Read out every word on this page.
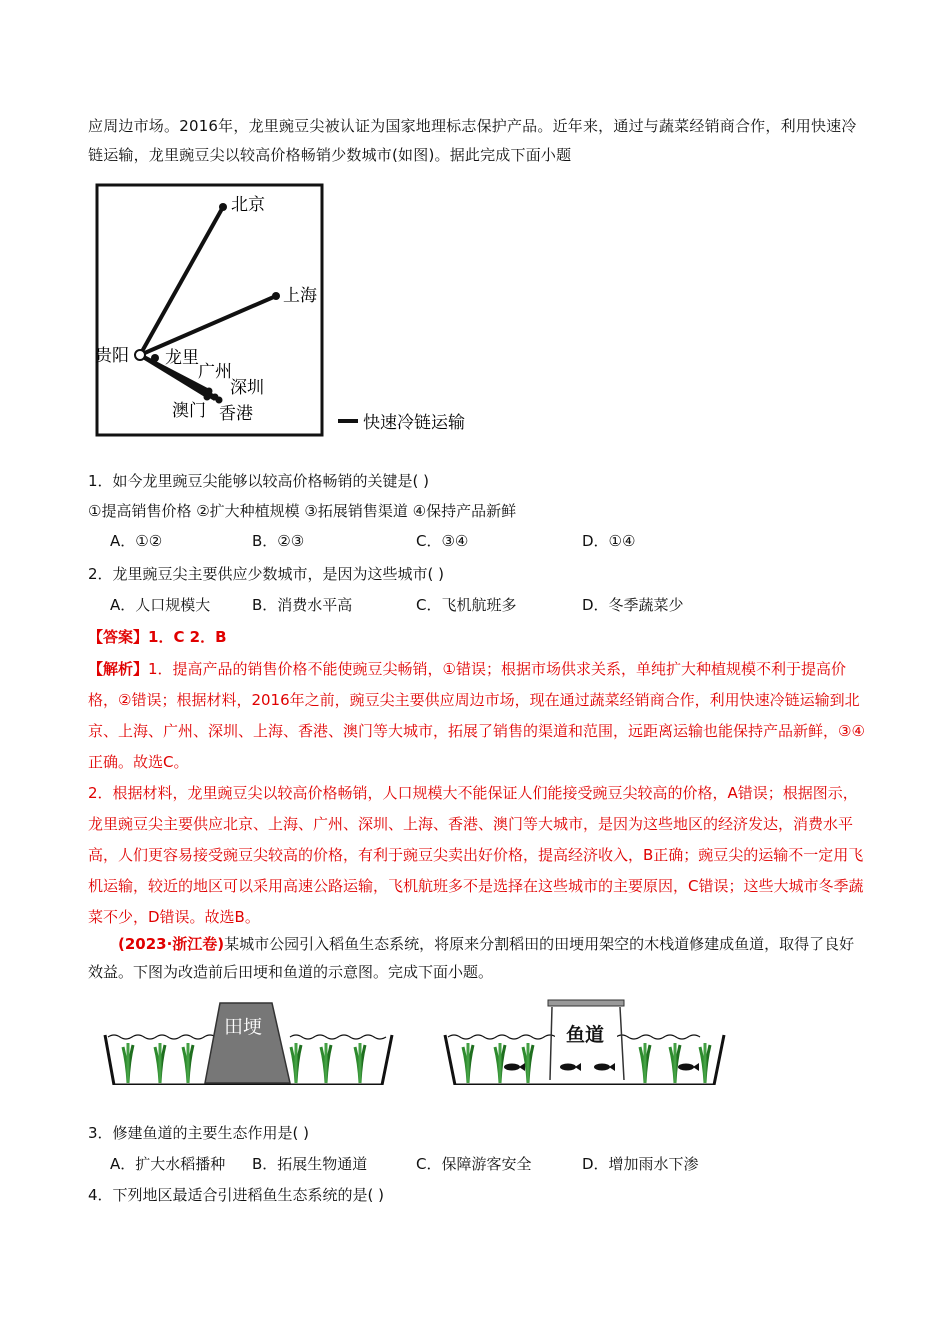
应周边市场。2016年，龙里豌豆尖被认证为国家地理标志保护产品。近年来，通过与蔬菜经销商合作，利用快速冷链运输，龙里豌豆尖以较高价格畅销少数城市(如图)。据此完成下面小题
北京
上海
贵阳 龙里
广州
深圳
澳门 香港	快速冷链运输
1．如今龙里豌豆尖能够以较高价格畅销的关键是( )
①提高销售价格 ②扩大种植规模 ③拓展销售渠道 ④保持产品新鲜
A．①②	B．②③	C．③④	D．①④
2．龙里豌豆尖主要供应少数城市，是因为这些城市( )
A．人口规模大	B．消费水平高	C．飞机航班多	D．冬季蔬菜少
【答案】1．C 2．B
【解析】1．提高产品的销售价格不能使豌豆尖畅销，①错误；根据市场供求关系，单纯扩大种植规模不利于提高价格，②错误；根据材料，2016年之前，豌豆尖主要供应周边市场，现在通过蔬菜经销商合作，利用快速冷链运输到北京、上海、广州、深圳、上海、香港、澳门等大城市，拓展了销售的渠道和范围，远距离运输也能保持产品新鲜，③④正确。故选C。
2．根据材料，龙里豌豆尖以较高价格畅销，人口规模大不能保证人们能接受豌豆尖较高的价格，A错误；根据图示，龙里豌豆尖主要供应北京、上海、广州、深圳、上海、香港、澳门等大城市，是因为这些地区的经济发达，消费水平高，人们更容易接受豌豆尖较高的价格，有利于豌豆尖卖出好价格，提高经济收入，B正确；豌豆尖的运输不一定用飞机运输，较近的地区可以采用高速公路运输，飞机航班多不是选择在这些城市的主要原因，C错误；这些大城市冬季蔬菜不少，D错误。故选B。
(2023·浙江卷)某城市公园引入稻鱼生态系统，将原来分割稻田的田埂用架空的木栈道修建成鱼道，取得了良好效益。下图为改造前后田埂和鱼道的示意图。完成下面小题。
田埂	鱼道
3．修建鱼道的主要生态作用是( )
A．扩大水稻播种 B．拓展生物通道	C．保障游客安全	D．增加雨水下渗
4．下列地区最适合引进稻鱼生态系统的是( )
